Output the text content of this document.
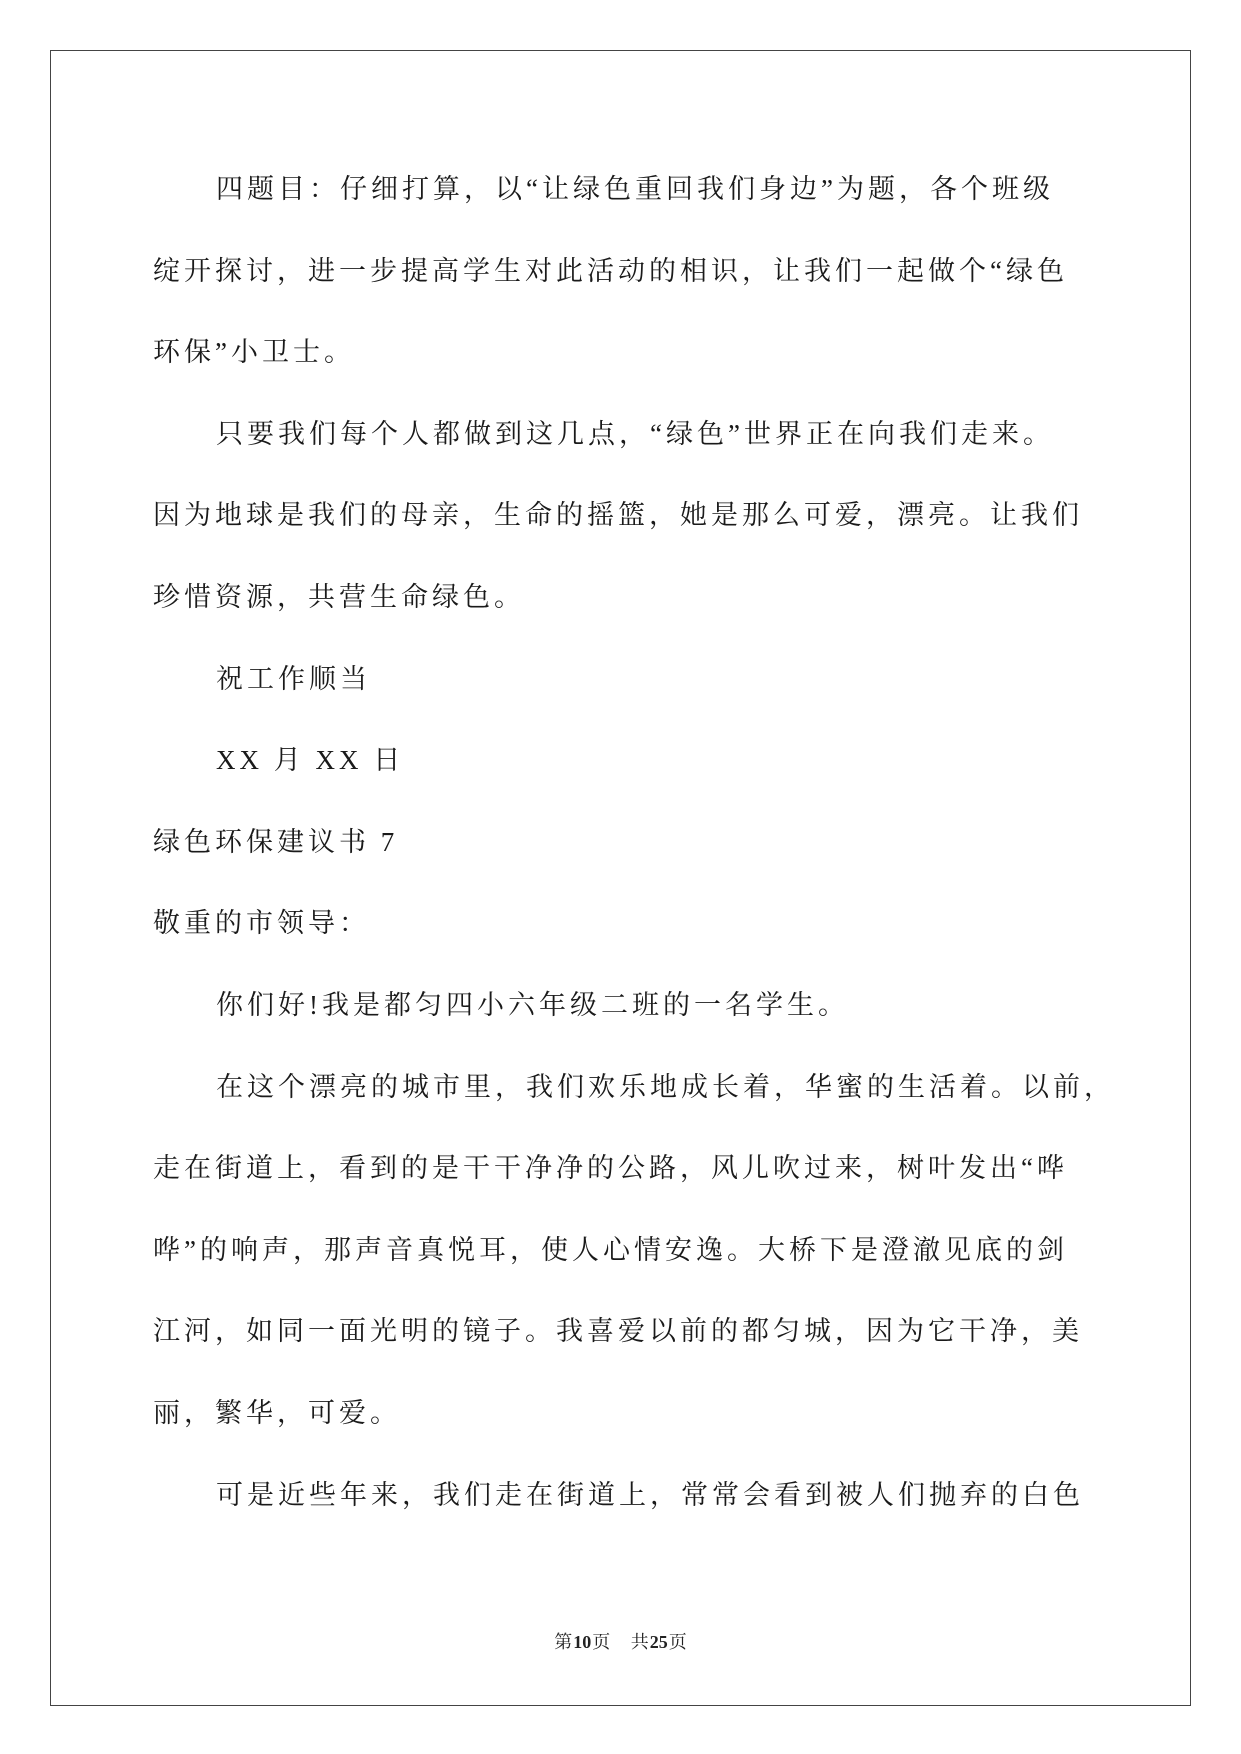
四题目：仔细打算，以“让绿色重回我们身边”为题，各个班级
绽开探讨，进一步提高学生对此活动的相识，让我们一起做个“绿色
环保”小卫士。
只要我们每个人都做到这几点，“绿色”世界正在向我们走来。
因为地球是我们的母亲，生命的摇篮，她是那么可爱，漂亮。让我们
珍惜资源，共营生命绿色。
祝工作顺当
XX 月 XX 日
绿色环保建议书 7
敬重的市领导：
你们好!我是都匀四小六年级二班的一名学生。
在这个漂亮的城市里，我们欢乐地成长着，华蜜的生活着。以前，
走在街道上，看到的是干干净净的公路，风儿吹过来，树叶发出“哗
哗”的响声，那声音真悦耳，使人心情安逸。大桥下是澄澈见底的剑
江河，如同一面光明的镜子。我喜爱以前的都匀城，因为它干净，美
丽，繁华，可爱。
可是近些年来，我们走在街道上，常常会看到被人们抛弃的白色
第10页 共25页
